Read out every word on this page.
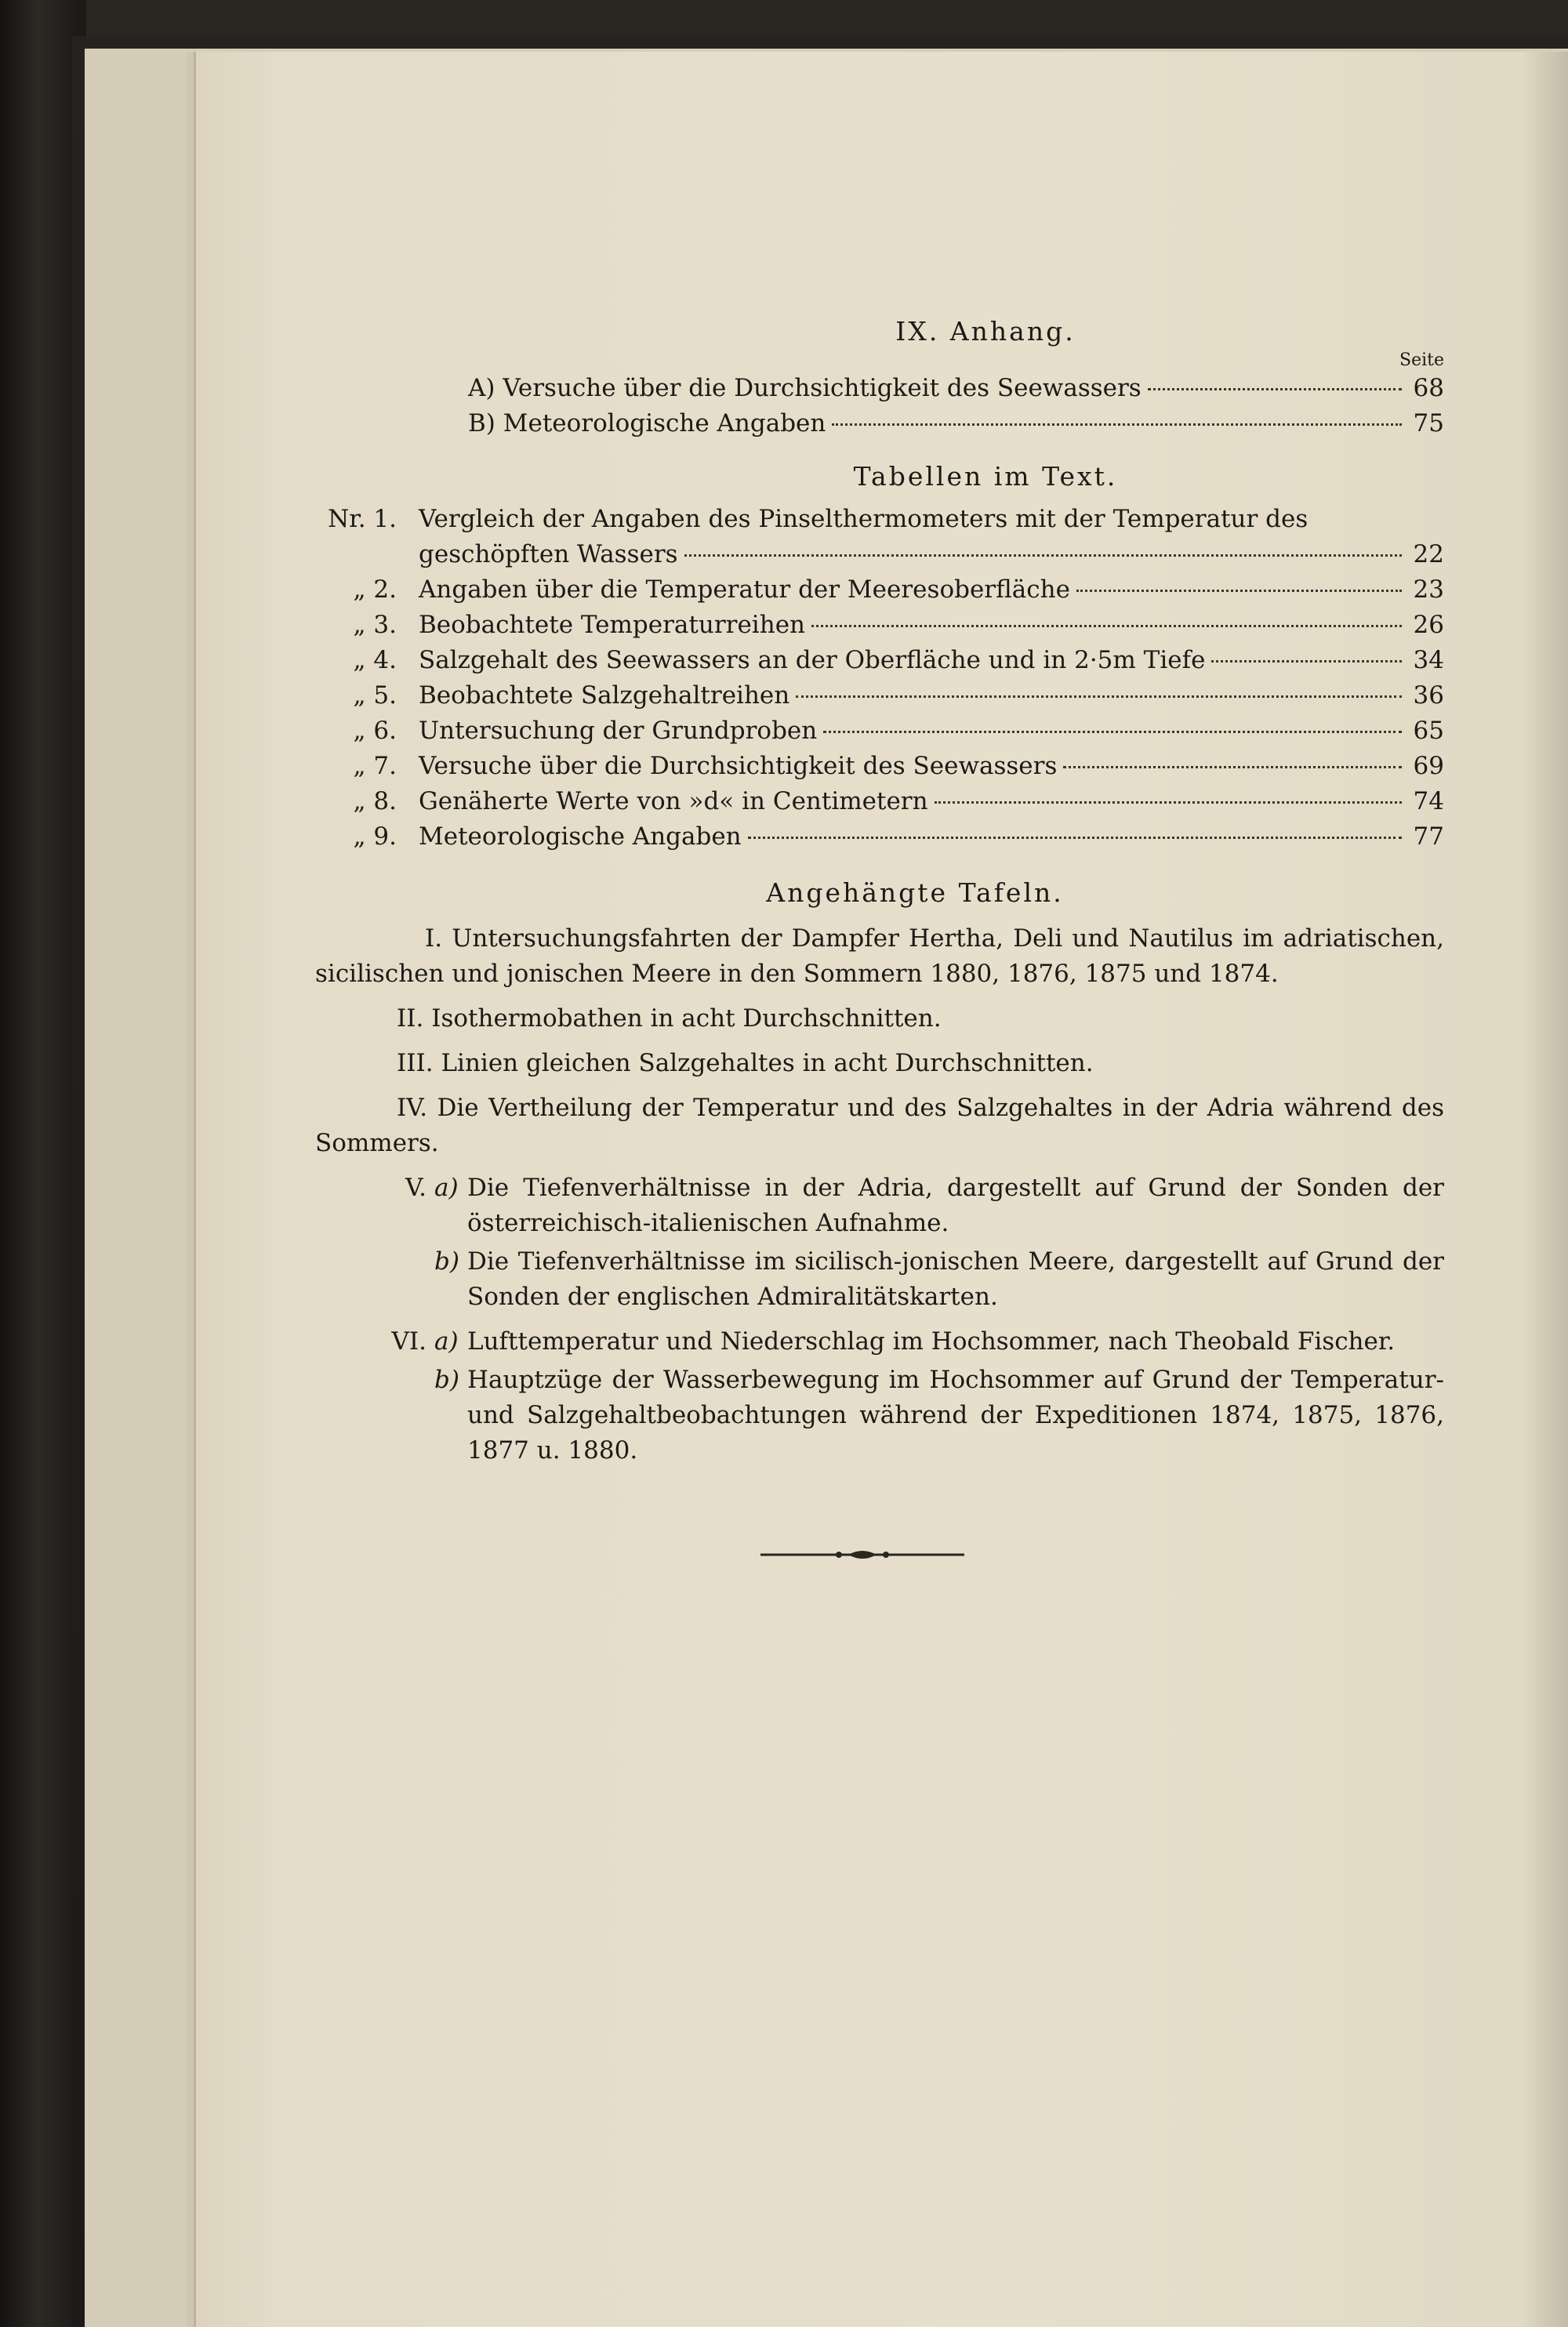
IX. Anhang.
Seite
A) Versuche über die Durchsichtigkeit des Seewassers	68
B) Meteorologische Angaben	75
Tabellen im Text.
Nr. 1. Vergleich der Angaben des Pinselthermometers mit der Temperatur des
geschöpften Wassers	22
„ 2. Angaben über die Temperatur der Meeresoberfläche	23
„ 3. Beobachtete Temperaturreihen	26
„ 4. Salzgehalt des Seewassers an der Oberfläche und in 2·5m Tiefe	34
„ 5. Beobachtete Salzgehaltreihen	36
„ 6. Untersuchung der Grundproben	65
„ 7. Versuche über die Durchsichtigkeit des Seewassers	69
„ 8. Genäherte Werte von »d« in Centimetern	74
„ 9. Meteorologische Angaben	77
Angehängte Tafeln.

I. Untersuchungsfahrten der Dampfer Hertha, Deli und Nautilus im adriatischen, sicilischen und jonischen Meere in den Sommern 1880, 1876, 1875 und 1874.

II. Isothermobathen in acht Durchschnitten.

III. Linien gleichen Salzgehaltes in acht Durchschnitten.

IV. Die Vertheilung der Temperatur und des Salzgehaltes in der Adria während des Sommers.

V. a) Die Tiefenverhältnisse in der Adria, dargestellt auf Grund der Sonden der österreichisch-italienischen Aufnahme.
b) Die Tiefenverhältnisse im sicilisch-jonischen Meere, dargestellt auf Grund der Sonden der englischen Admiralitätskarten.
VI. a) Lufttemperatur und Niederschlag im Hochsommer, nach Theobald Fischer.
b) Hauptzüge der Wasserbewegung im Hochsommer auf Grund der Temperatur- und Salzgehaltbeobachtungen während der Expeditionen 1874, 1875, 1876, 1877 u. 1880.
